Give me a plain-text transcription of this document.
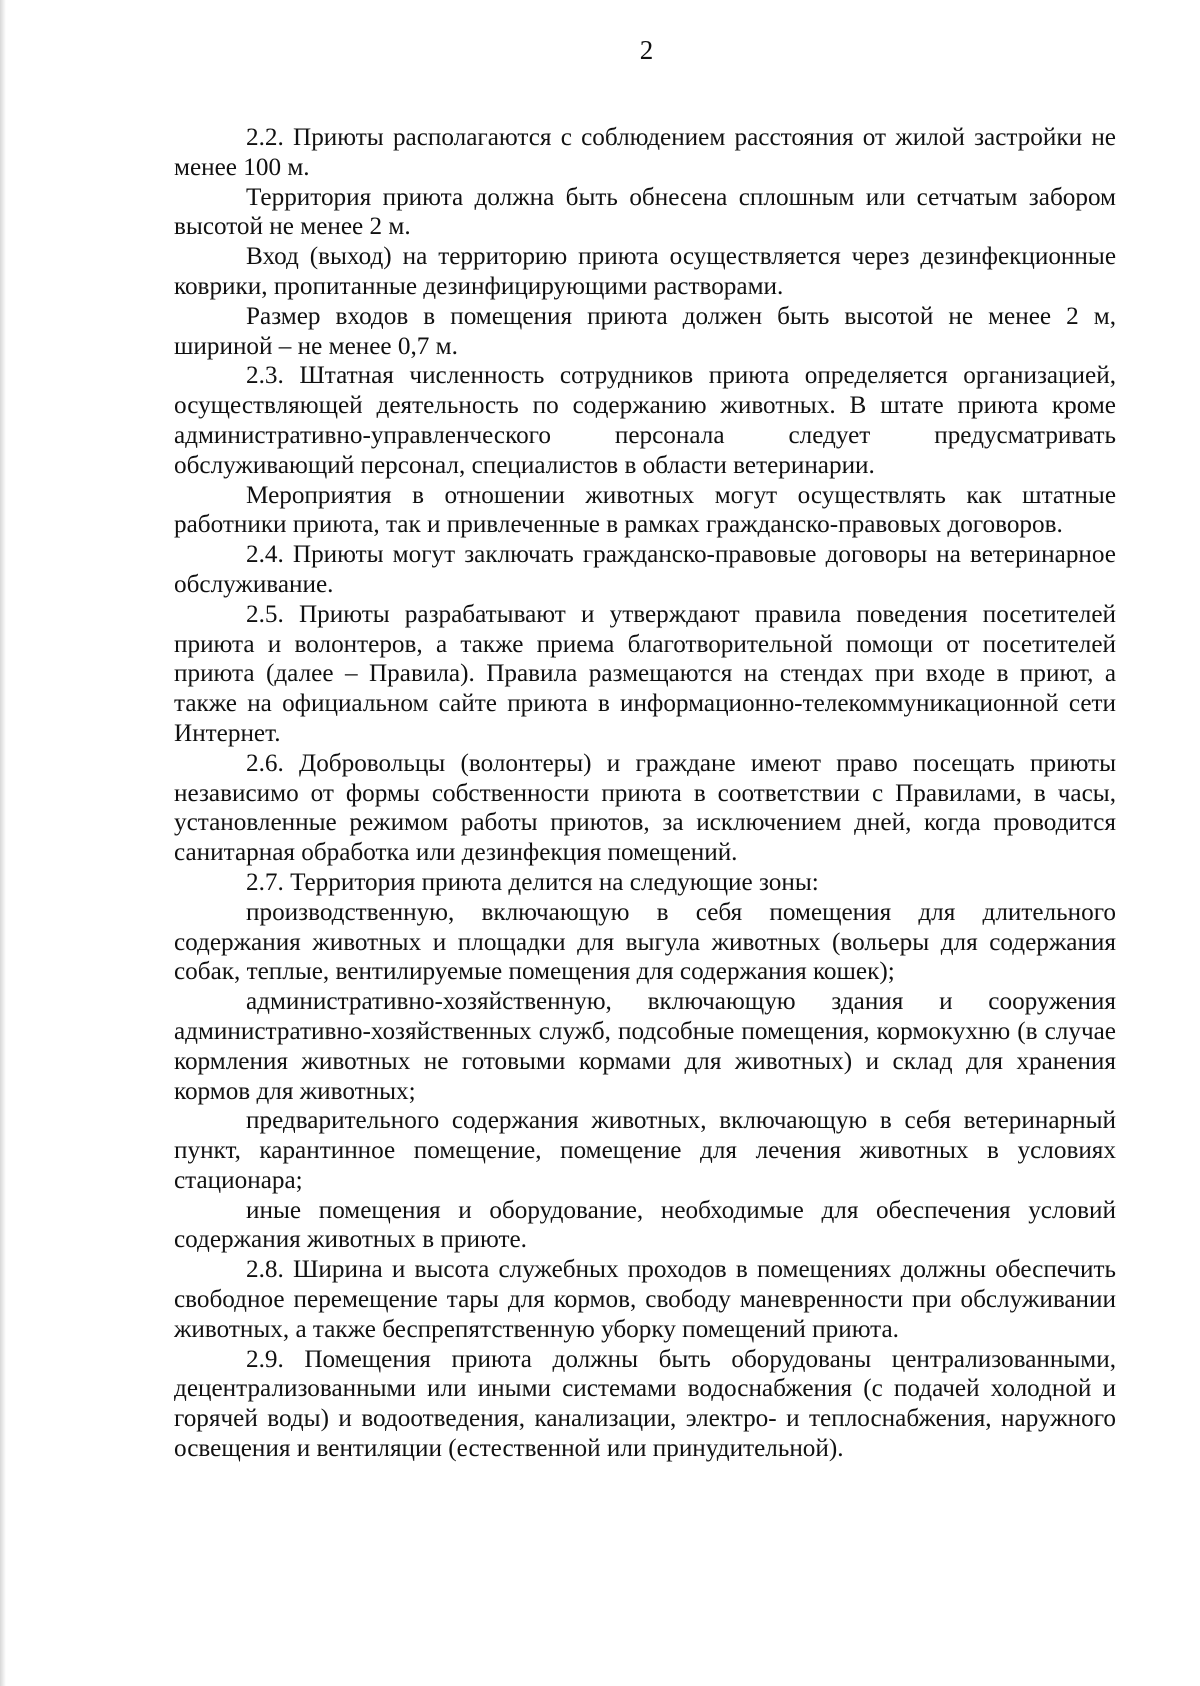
2

2.2. Приюты располагаются с соблюдением расстояния от жилой застройки не менее 100 м.

Территория приюта должна быть обнесена сплошным или сетчатым забором высотой не менее 2 м.

Вход (выход) на территорию приюта осуществляется через дезинфекционные коврики, пропитанные дезинфицирующими растворами.

Размер входов в помещения приюта должен быть высотой не менее 2 м, шириной – не менее 0,7 м.

2.3. Штатная численность сотрудников приюта определяется организацией, осуществляющей деятельность по содержанию животных. В штате приюта кроме административно-управленческого персонала следует предусматривать обслуживающий персонал, специалистов в области ветеринарии.

Мероприятия в отношении животных могут осуществлять как штатные работники приюта, так и привлеченные в рамках гражданско-правовых договоров.

2.4. Приюты могут заключать гражданско-правовые договоры на ветеринарное обслуживание.

2.5. Приюты разрабатывают и утверждают правила поведения посетителей приюта и волонтеров, а также приема благотворительной помощи от посетителей приюта (далее – Правила). Правила размещаются на стендах при входе в приют, а также на официальном сайте приюта в информационно-телекоммуникационной сети Интернет.

2.6. Добровольцы (волонтеры) и граждане имеют право посещать приюты независимо от формы собственности приюта в соответствии с Правилами, в часы, установленные режимом работы приютов, за исключением дней, когда проводится санитарная обработка или дезинфекция помещений.

2.7. Территория приюта делится на следующие зоны:

производственную, включающую в себя помещения для длительного содержания животных и площадки для выгула животных (вольеры для содержания собак, теплые, вентилируемые помещения для содержания кошек);

административно-хозяйственную, включающую здания и сооружения административно-хозяйственных служб, подсобные помещения, кормокухню (в случае кормления животных не готовыми кормами для животных) и склад для хранения кормов для животных;

предварительного содержания животных, включающую в себя ветеринарный пункт, карантинное помещение, помещение для лечения животных в условиях стационара;

иные помещения и оборудование, необходимые для обеспечения условий содержания животных в приюте.

2.8. Ширина и высота служебных проходов в помещениях должны обеспечить свободное перемещение тары для кормов, свободу маневренности при обслуживании животных, а также беспрепятственную уборку помещений приюта.

2.9. Помещения приюта должны быть оборудованы централизованными, децентрализованными или иными системами водоснабжения (с подачей холодной и горячей воды) и водоотведения, канализации, электро- и теплоснабжения, наружного освещения и вентиляции (естественной или принудительной).
